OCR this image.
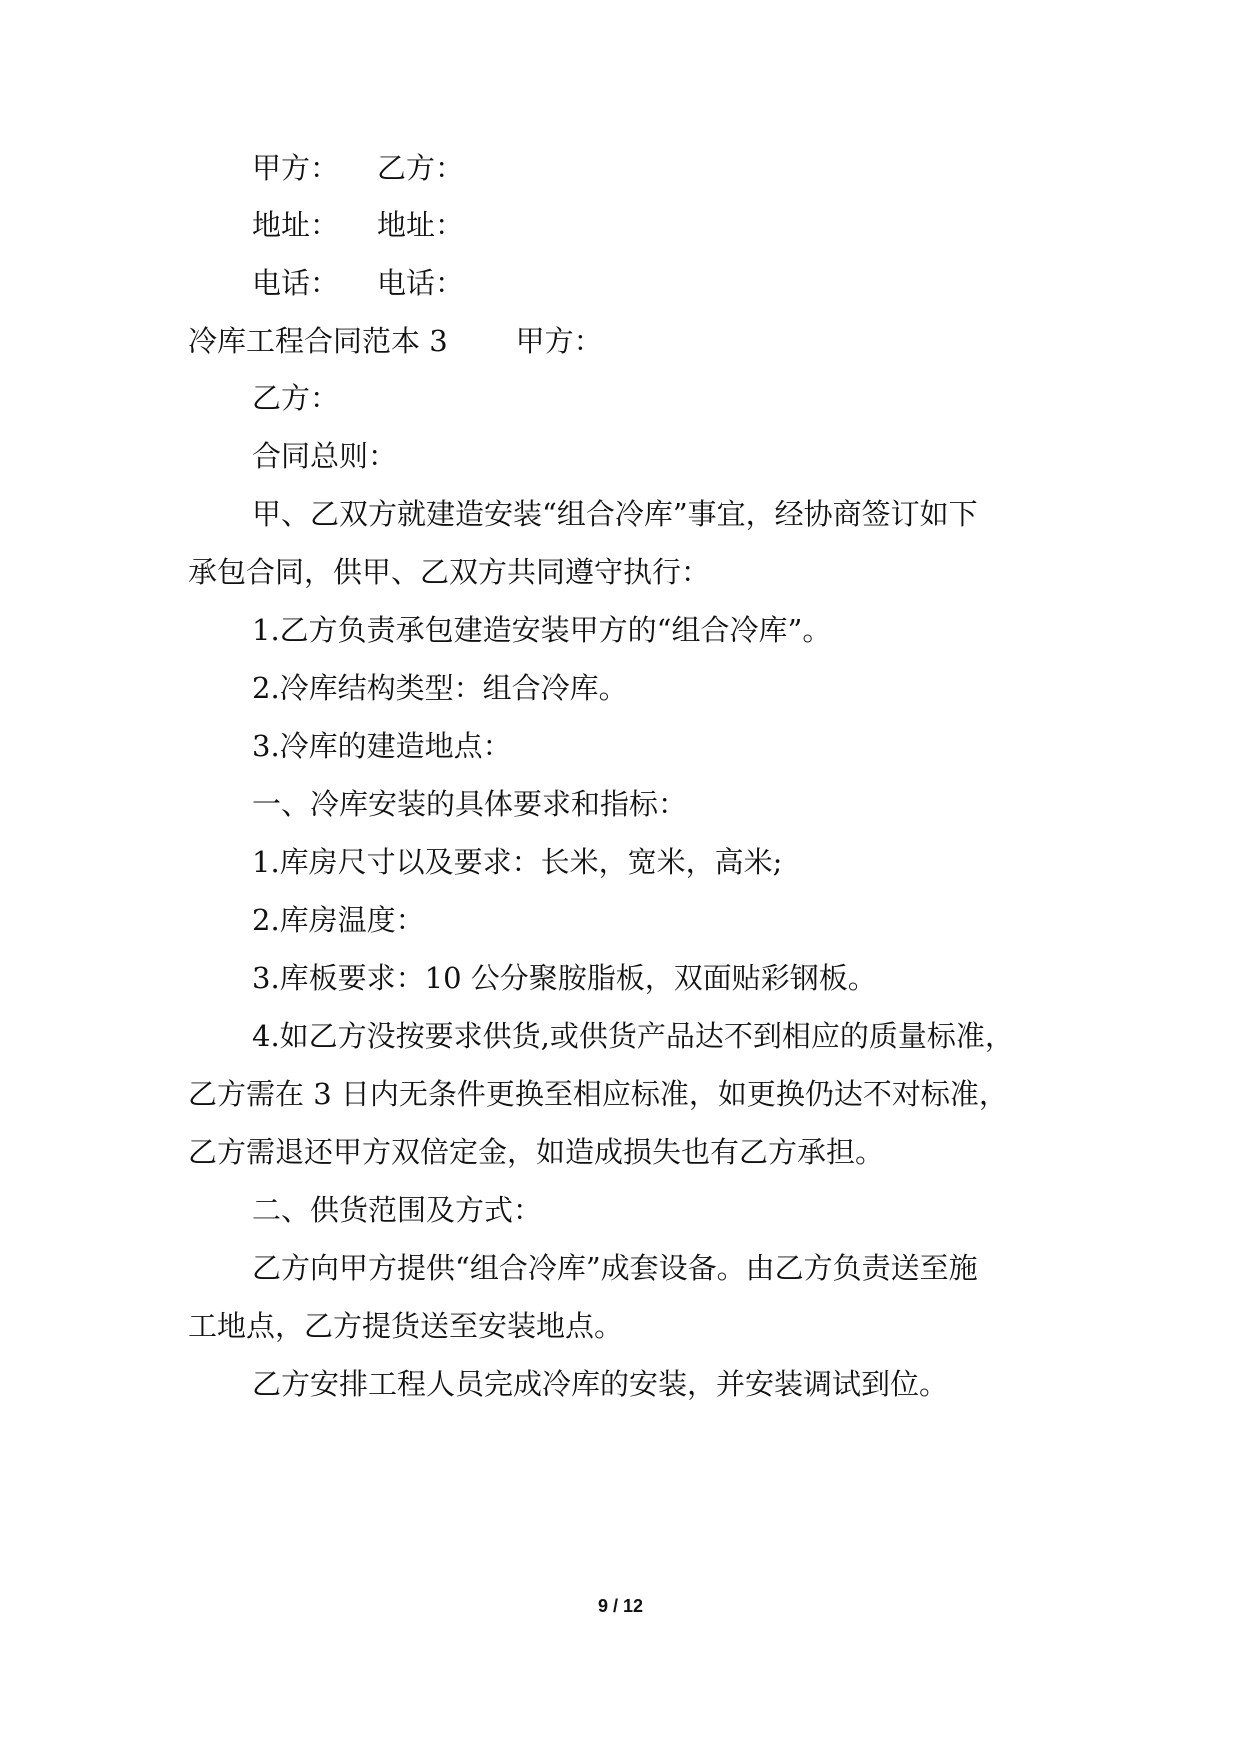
甲方： 乙方：
地址： 地址：
电话： 电话：
冷库工程合同范本 3 甲方：
乙方：
合同总则：
甲、乙双方就建造安装“组合冷库”事宜，经协商签订如下
承包合同，供甲、乙双方共同遵守执行：
1.乙方负责承包建造安装甲方的“组合冷库”。
2.冷库结构类型：组合冷库。
3.冷库的建造地点：
一、冷库安装的具体要求和指标：
1.库房尺寸以及要求：长米，宽米，高米;
2.库房温度：
3.库板要求：10 公分聚胺脂板，双面贴彩钢板。
4.如乙方没按要求供货,或供货产品达不到相应的质量标准，
乙方需在 3 日内无条件更换至相应标准，如更换仍达不对标准，
乙方需退还甲方双倍定金，如造成损失也有乙方承担。
二、供货范围及方式：
乙方向甲方提供“组合冷库”成套设备。由乙方负责送至施
工地点，乙方提货送至安装地点。
乙方安排工程人员完成冷库的安装，并安装调试到位。
9 / 12
